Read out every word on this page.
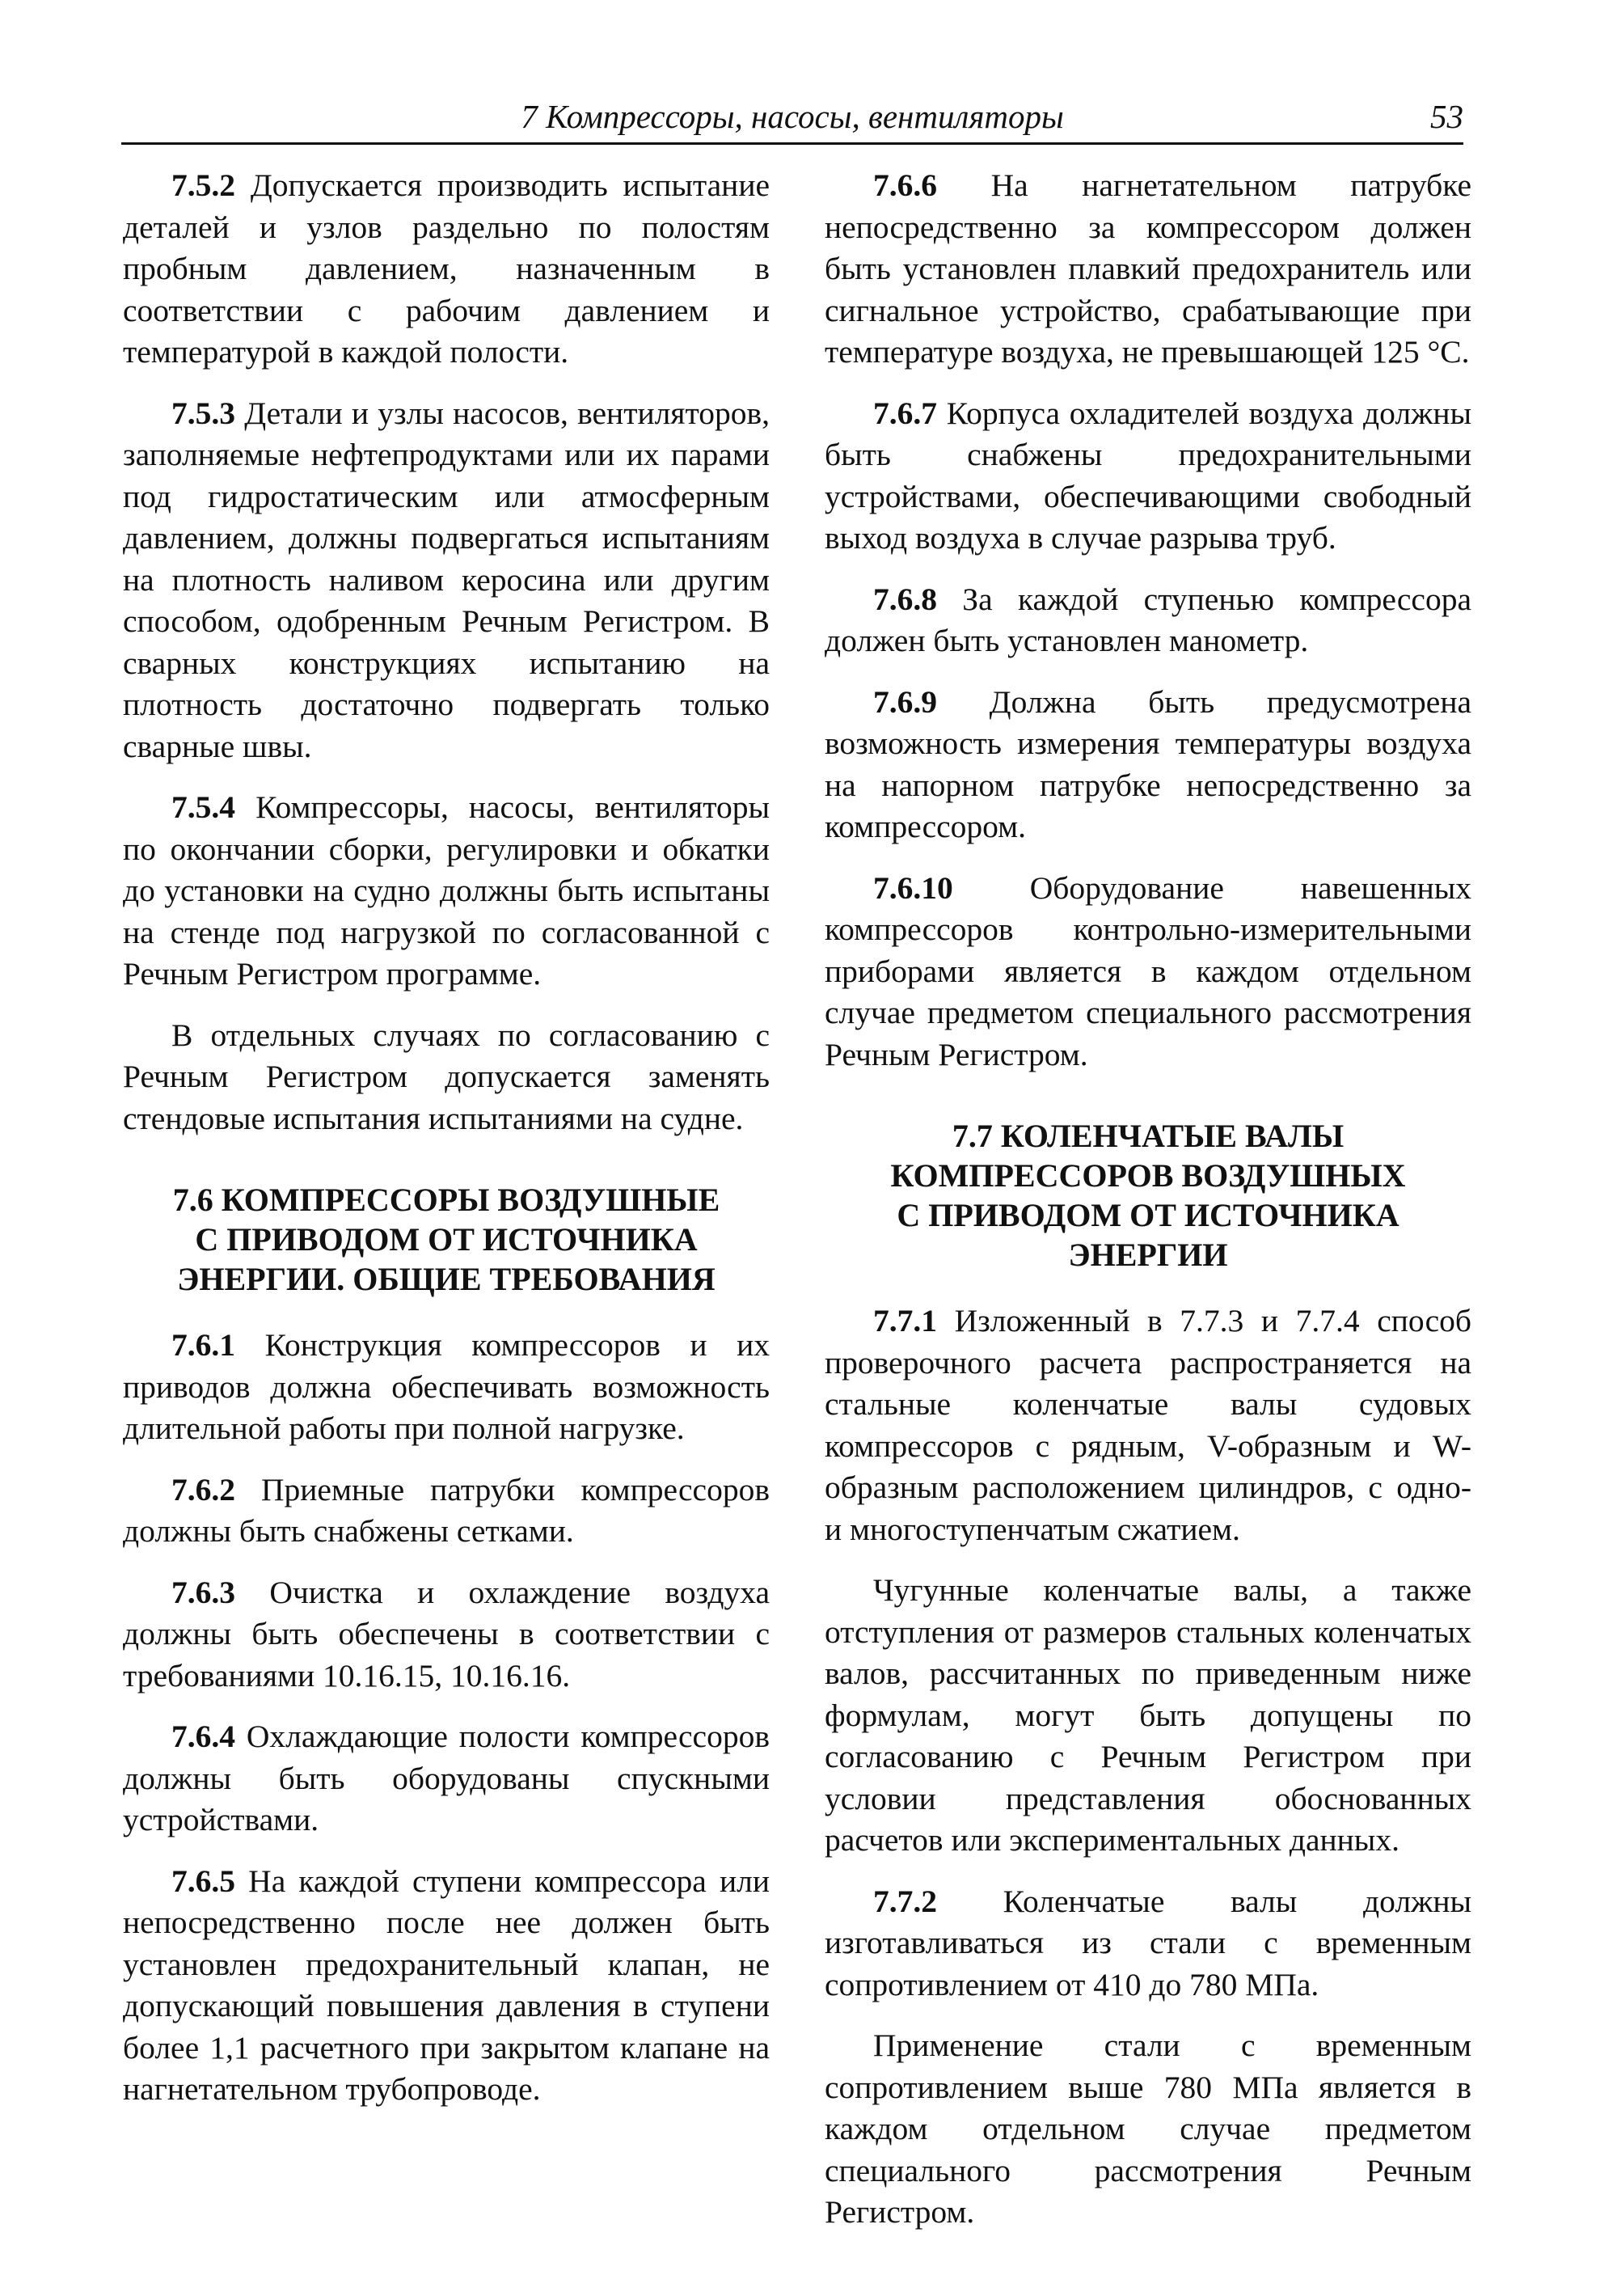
7 Компрессоры, насосы, вентиляторы	53

7.5.2 Допускается производить испытание деталей и узлов раздельно по полостям пробным давлением, назначенным в соответствии с рабочим давлением и температурой в каждой полости.

7.5.3 Детали и узлы насосов, вентиляторов, заполняемые нефтепродуктами или их парами под гидростатическим или атмосферным давлением, должны подвергаться испытаниям на плотность наливом керосина или другим способом, одобренным Речным Регистром. В сварных конструкциях испытанию на плотность достаточно подвергать только сварные швы.

7.5.4 Компрессоры, насосы, вентиляторы по окончании сборки, регулировки и обкатки до установки на судно должны быть испытаны на стенде под нагрузкой по согласованной с Речным Регистром программе.

В отдельных случаях по согласованию с Речным Регистром допускается заменять стендовые испытания испытаниями на судне.

7.6 КОМПРЕССОРЫ ВОЗДУШНЫЕ
С ПРИВОДОМ ОТ ИСТОЧНИКА
ЭНЕРГИИ. ОБЩИЕ ТРЕБОВАНИЯ

7.6.1 Конструкция компрессоров и их приводов должна обеспечивать возможность длительной работы при полной нагрузке.

7.6.2 Приемные патрубки компрессоров должны быть снабжены сетками.

7.6.3 Очистка и охлаждение воздуха должны быть обеспечены в соответствии с требованиями 10.16.15, 10.16.16.

7.6.4 Охлаждающие полости компрессоров должны быть оборудованы спускными устройствами.

7.6.5 На каждой ступени компрессора или непосредственно после нее должен быть установлен предохранительный клапан, не допускающий повышения давления в ступени более 1,1 расчетного при закрытом клапане на нагнетательном трубопроводе.

7.6.6 На нагнетательном патрубке непосредственно за компрессором должен быть установлен плавкий предохранитель или сигнальное устройство, срабатывающие при температуре воздуха, не превышающей 125 °С.

7.6.7 Корпуса охладителей воздуха должны быть снабжены предохранительными устройствами, обеспечивающими свободный выход воздуха в случае разрыва труб.

7.6.8 За каждой ступенью компрессора должен быть установлен манометр.

7.6.9 Должна быть предусмотрена возможность измерения температуры воздуха на напорном патрубке непосредственно за компрессором.

7.6.10 Оборудование навешенных компрессоров контрольно-измерительными приборами является в каждом отдельном случае предметом специального рассмотрения Речным Регистром.

7.7 КОЛЕНЧАТЫЕ ВАЛЫ
КОМПРЕССОРОВ ВОЗДУШНЫХ
С ПРИВОДОМ ОТ ИСТОЧНИКА
ЭНЕРГИИ

7.7.1 Изложенный в 7.7.3 и 7.7.4 способ проверочного расчета распространяется на стальные коленчатые валы судовых компрессоров с рядным, V-образным и W-образным расположением цилиндров, с одно- и многоступенчатым сжатием.

Чугунные коленчатые валы, а также отступления от размеров стальных коленчатых валов, рассчитанных по приведенным ниже формулам, могут быть допущены по согласованию с Речным Регистром при условии представления обоснованных расчетов или экспериментальных данных.

7.7.2 Коленчатые валы должны изготавливаться из стали с временным сопротивлением от 410 до 780 МПа.

Применение стали с временным сопротивлением выше 780 МПа является в каждом отдельном случае предметом специального рассмотрения Речным Регистром.
